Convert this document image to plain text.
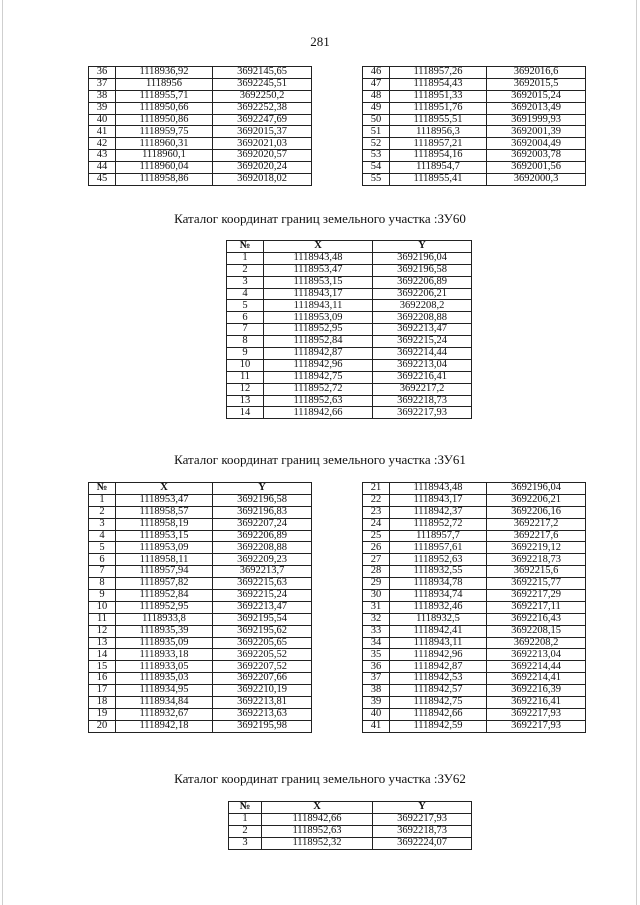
281
36	1118936,92	3692145,65
37	1118956	3692245,51
38	1118955,71	3692250,2
39	1118950,66	3692252,38
40	1118950,86	3692247,69
41	1118959,75	3692015,37
42	1118960,31	3692021,03
43	1118960,1	3692020,57
44	1118960,04	3692020,24
45	1118958,86	3692018,02
46	1118957,26	3692016,6
47	1118954,43	3692015,5
48	1118951,33	3692015,24
49	1118951,76	3692013,49
50	1118955,51	3691999,93
51	1118956,3	3692001,39
52	1118957,21	3692004,49
53	1118954,16	3692003,78
54	1118954,7	3692001,56
55	1118955,41	3692000,3
Каталог координат границ земельного участка :ЗУ60
№	X	Y
1	1118943,48	3692196,04
2	1118953,47	3692196,58
3	1118953,15	3692206,89
4	1118943,17	3692206,21
5	1118943,11	3692208,2
6	1118953,09	3692208,88
7	1118952,95	3692213,47
8	1118952,84	3692215,24
9	1118942,87	3692214,44
10	1118942,96	3692213,04
11	1118942,75	3692216,41
12	1118952,72	3692217,2
13	1118952,63	3692218,73
14	1118942,66	3692217,93
Каталог координат границ земельного участка :ЗУ61
№	X	Y
1	1118953,47	3692196,58
2	1118958,57	3692196,83
3	1118958,19	3692207,24
4	1118953,15	3692206,89
5	1118953,09	3692208,88
6	1118958,11	3692209,23
7	1118957,94	3692213,7
8	1118957,82	3692215,63
9	1118952,84	3692215,24
10	1118952,95	3692213,47
11	1118933,8	3692195,54
12	1118935,39	3692195,62
13	1118935,09	3692205,65
14	1118933,18	3692205,52
15	1118933,05	3692207,52
16	1118935,03	3692207,66
17	1118934,95	3692210,19
18	1118934,84	3692213,81
19	1118932,67	3692213,63
20	1118942,18	3692195,98
21	1118943,48	3692196,04
22	1118943,17	3692206,21
23	1118942,37	3692206,16
24	1118952,72	3692217,2
25	1118957,7	3692217,6
26	1118957,61	3692219,12
27	1118952,63	3692218,73
28	1118932,55	3692215,6
29	1118934,78	3692215,77
30	1118934,74	3692217,29
31	1118932,46	3692217,11
32	1118932,5	3692216,43
33	1118942,41	3692208,15
34	1118943,11	3692208,2
35	1118942,96	3692213,04
36	1118942,87	3692214,44
37	1118942,53	3692214,41
38	1118942,57	3692216,39
39	1118942,75	3692216,41
40	1118942,66	3692217,93
41	1118942,59	3692217,93
Каталог координат границ земельного участка :ЗУ62
№	X	Y
1	1118942,66	3692217,93
2	1118952,63	3692218,73
3	1118952,32	3692224,07
